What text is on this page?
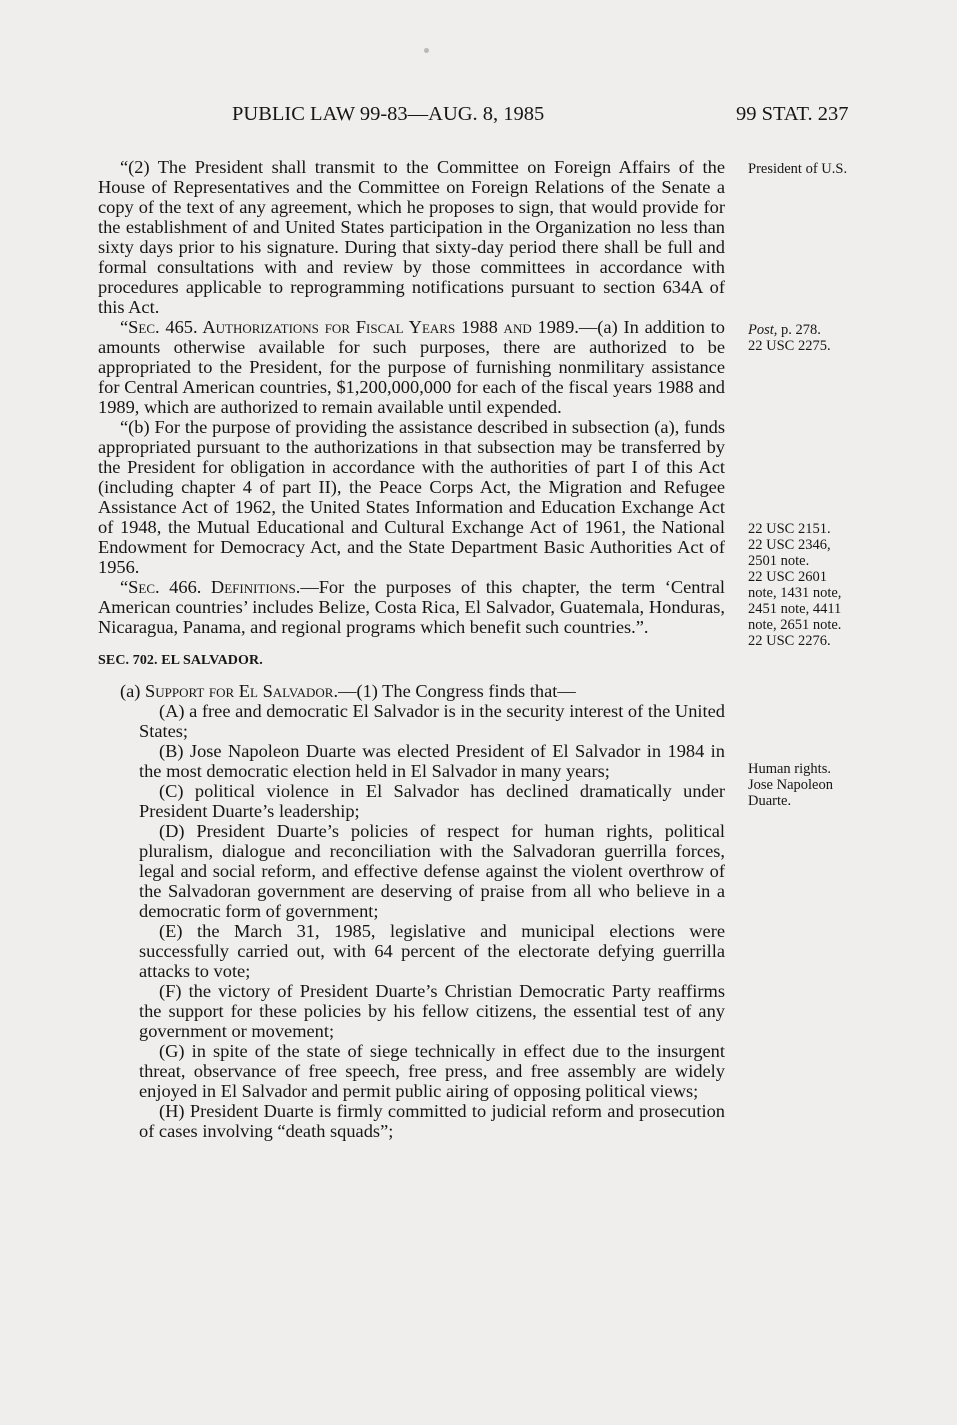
PUBLIC LAW 99-83—AUG. 8, 1985	99 STAT. 237

“(2) The President shall transmit to the Committee on Foreign Affairs of the House of Representatives and the Committee on Foreign Relations of the Senate a copy of the text of any agreement, which he proposes to sign, that would provide for the establishment of and United States participation in the Organization no less than sixty days prior to his signature. During that sixty-day period there shall be full and formal consultations with and review by those committees in accordance with procedures applicable to reprogramming notifications pursuant to section 634A of this Act.

“Sec. 465. Authorizations for Fiscal Years 1988 and 1989.—(a) In addition to amounts otherwise available for such purposes, there are authorized to be appropriated to the President, for the purpose of furnishing nonmilitary assistance for Central American countries, $1,200,000,000 for each of the fiscal years 1988 and 1989, which are authorized to remain available until expended.

“(b) For the purpose of providing the assistance described in subsection (a), funds appropriated pursuant to the authorizations in that subsection may be transferred by the President for obligation in accordance with the authorities of part I of this Act (including chapter 4 of part II), the Peace Corps Act, the Migration and Refugee Assistance Act of 1962, the United States Information and Education Exchange Act of 1948, the Mutual Educational and Cultural Exchange Act of 1961, the National Endowment for Democracy Act, and the State Department Basic Authorities Act of 1956.

“Sec. 466. Definitions.—For the purposes of this chapter, the term ‘Central American countries’ includes Belize, Costa Rica, El Salvador, Guatemala, Honduras, Nicaragua, Panama, and regional programs which benefit such countries.”.

SEC. 702. EL SALVADOR.

(a) Support for El Salvador.—(1) The Congress finds that—

(A) a free and democratic El Salvador is in the security interest of the United States;

(B) Jose Napoleon Duarte was elected President of El Salvador in 1984 in the most democratic election held in El Salvador in many years;

(C) political violence in El Salvador has declined dramatically under President Duarte’s leadership;

(D) President Duarte’s policies of respect for human rights, political pluralism, dialogue and reconciliation with the Salvadoran guerrilla forces, legal and social reform, and effective defense against the violent overthrow of the Salvadoran government are deserving of praise from all who believe in a democratic form of government;

(E) the March 31, 1985, legislative and municipal elections were successfully carried out, with 64 percent of the electorate defying guerrilla attacks to vote;

(F) the victory of President Duarte’s Christian Democratic Party reaffirms the support for these policies by his fellow citizens, the essential test of any government or movement;

(G) in spite of the state of siege technically in effect due to the insurgent threat, observance of free speech, free press, and free assembly are widely enjoyed in El Salvador and permit public airing of opposing political views;

(H) President Duarte is firmly committed to judicial reform and prosecution of cases involving “death squads”;

President of U.S.

Post, p. 278.

22 USC 2275.

22 USC 2151.

22 USC 2346,

2501 note.

22 USC 2601

note, 1431 note,

2451 note, 4411

note, 2651 note.

22 USC 2276.

Human rights.

Jose Napoleon

Duarte.
